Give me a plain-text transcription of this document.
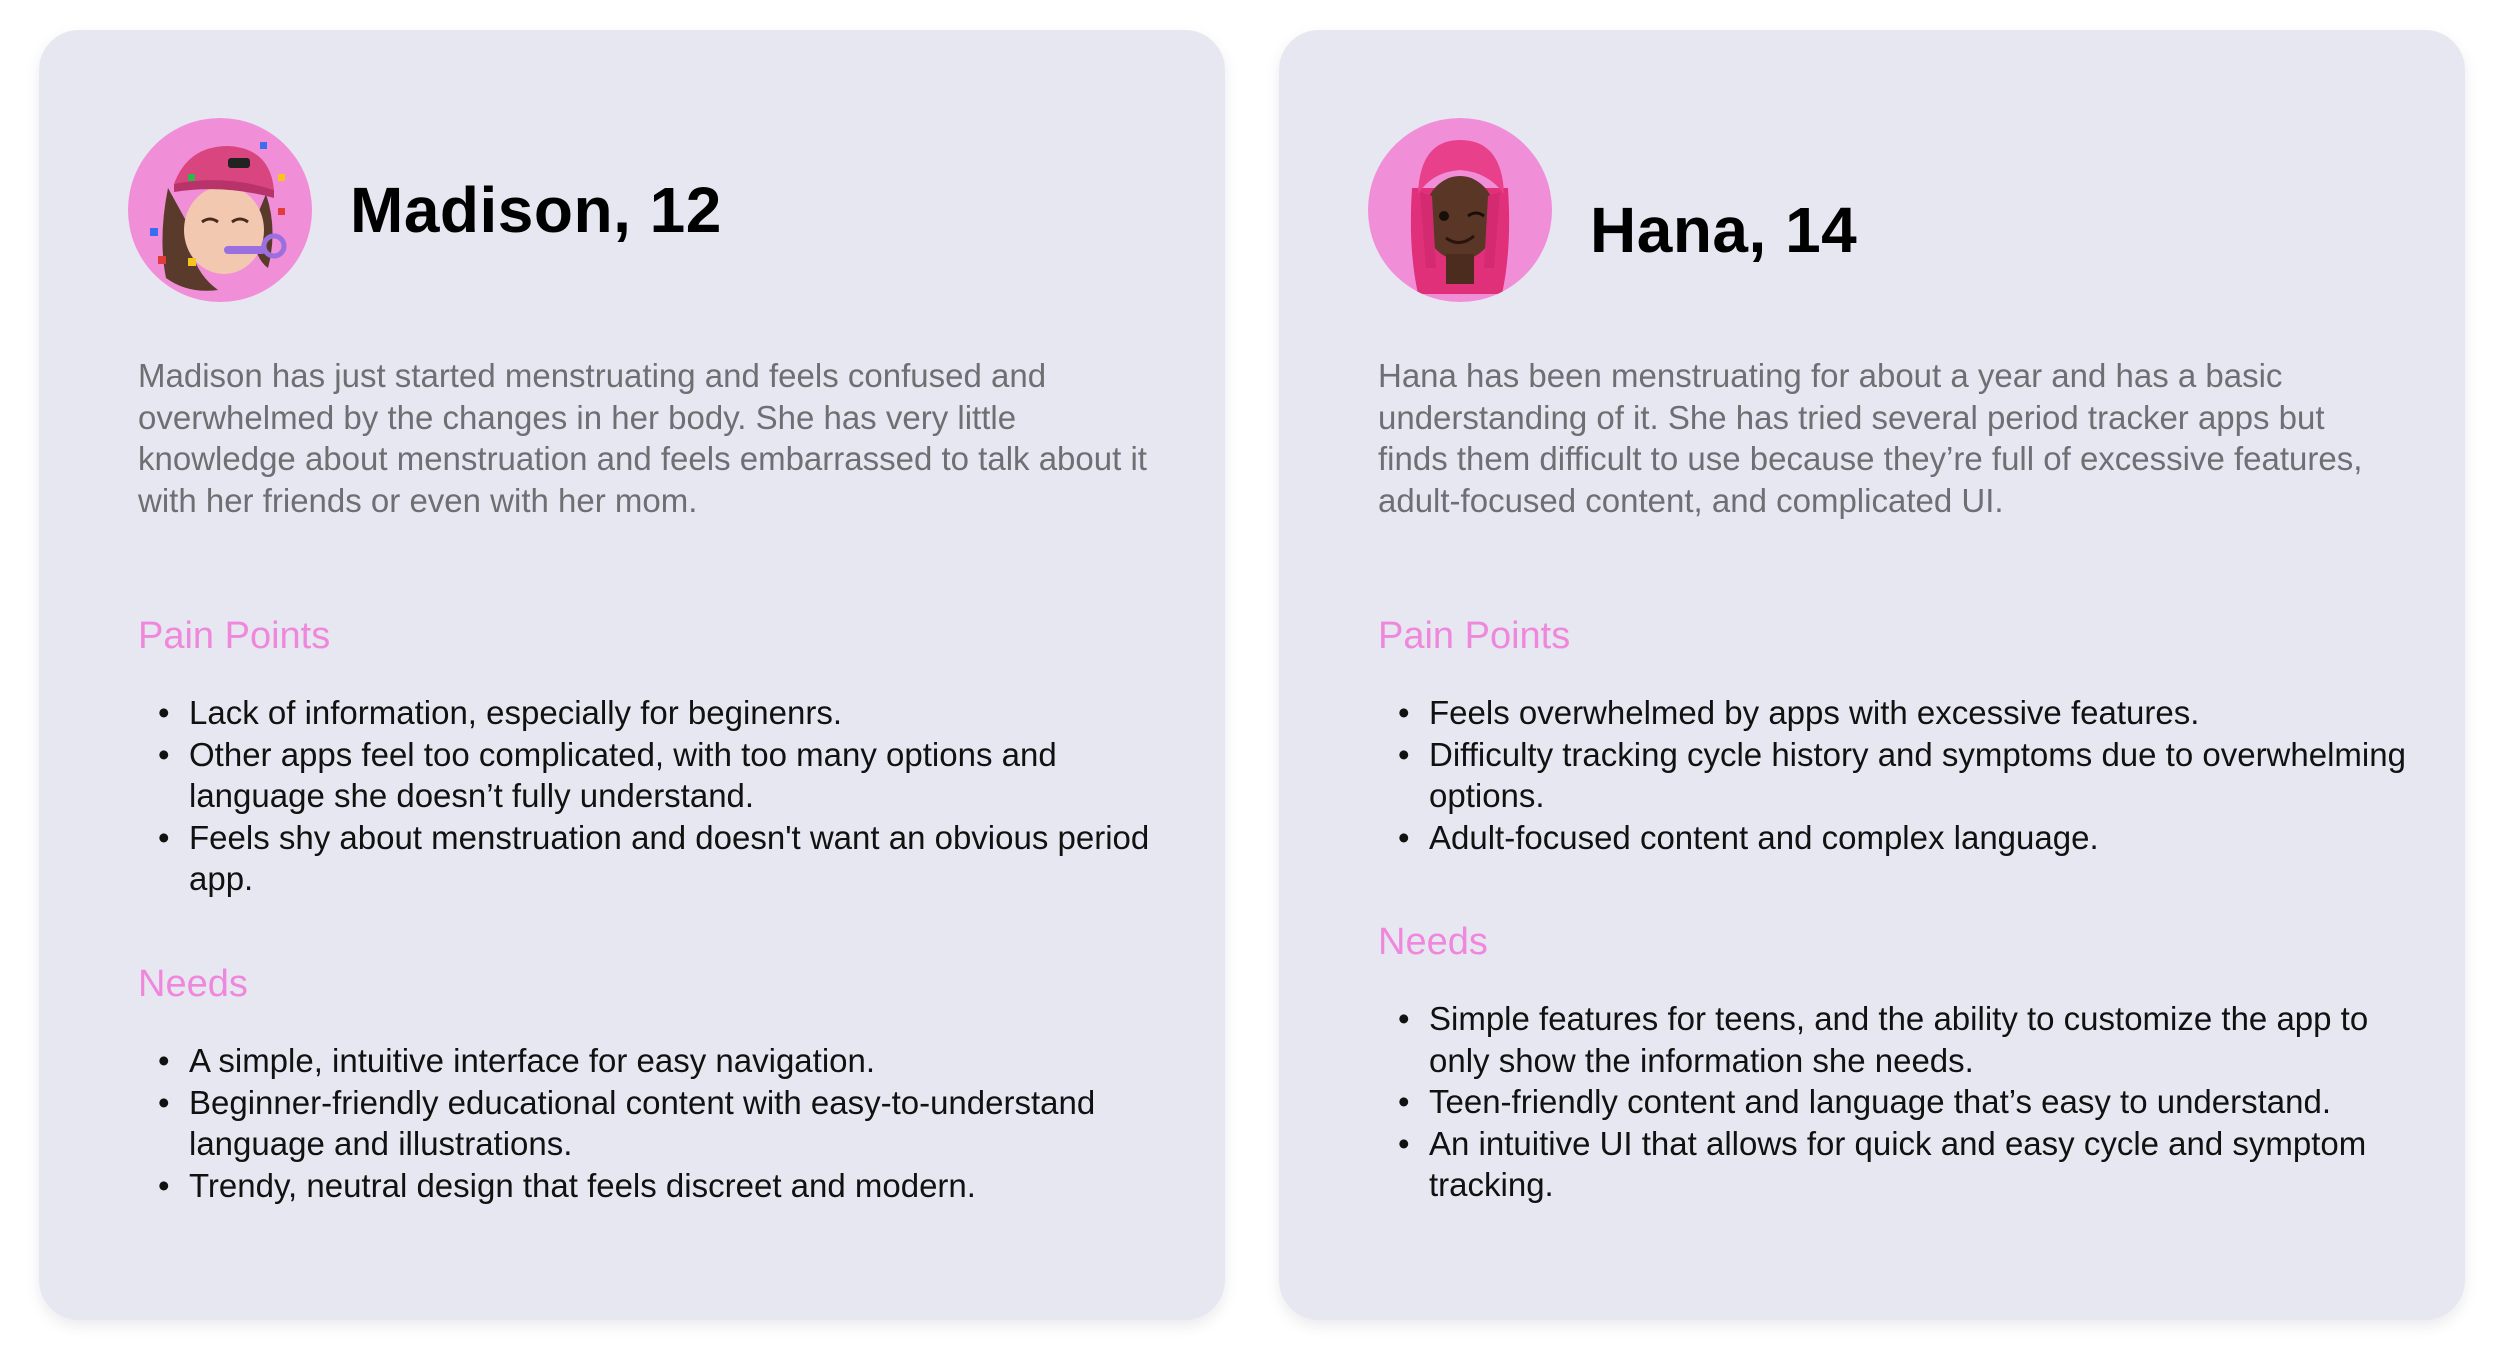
Madison, 12
Madison has just started menstruating and feels confused and overwhelmed by the changes in her body. She has very little knowledge about menstruation and feels embarrassed to talk about it with her friends or even with her mom.
Pain Points
• Lack of information, especially for beginenrs.
• Other apps feel too complicated, with too many options and language she doesn’t fully understand.
• Feels shy about menstruation and doesn't want an obvious period app.
Needs
• A simple, intuitive interface for easy navigation.
• Beginner-friendly educational content with easy-to-understand language and illustrations.
• Trendy, neutral design that feels discreet and modern.
Hana, 14
Hana has been menstruating for about a year and has a basic understanding of it. She has tried several period tracker apps but finds them difficult to use because they’re full of excessive features, adult-focused content, and complicated UI.
Pain Points
• Feels overwhelmed by apps with excessive features.
• Difficulty tracking cycle history and symptoms due to overwhelming options.
• Adult-focused content and complex language.
Needs
• Simple features for teens, and the ability to customize the app to only show the information she needs.
• Teen-friendly content and language that’s easy to understand.
• An intuitive UI that allows for quick and easy cycle and symptom tracking.
